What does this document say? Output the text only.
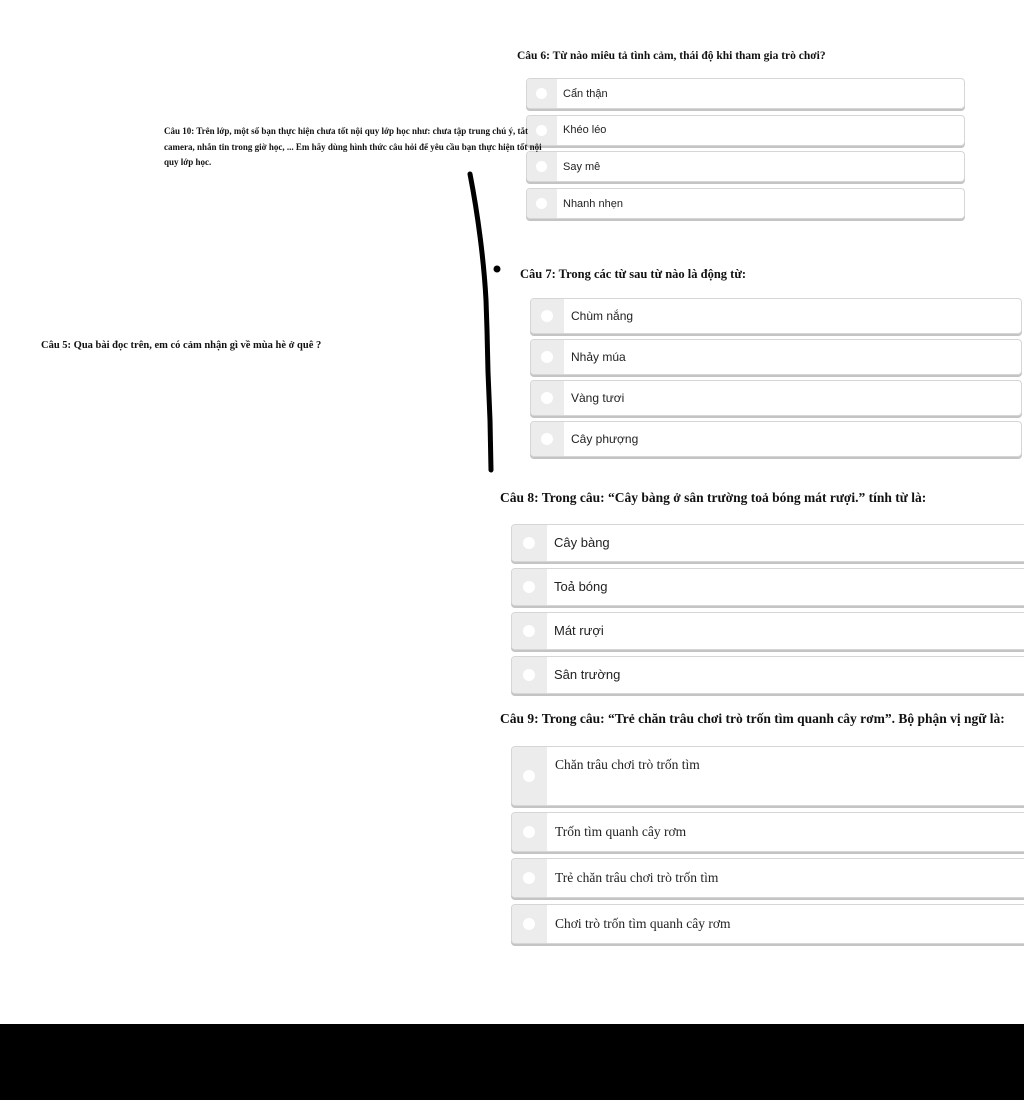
Câu 6: Từ nào miêu tả tình cảm, thái độ khi tham gia trò chơi?
Cẩn thận
Khéo léo
Say mê
Nhanh nhẹn
Câu 10: Trên lớp, một số bạn thực hiện chưa tốt nội quy lớp học như: chưa tập trung chú ý, tắt camera, nhắn tin trong giờ học, ... Em hãy dùng hình thức câu hỏi để yêu cầu bạn thực hiện tốt nội quy lớp học.
Câu 5: Qua bài đọc trên, em có cảm nhận gì về mùa hè ở quê ?
Câu 7: Trong các từ sau từ nào là động từ:
Chùm nắng
Nhảy múa
Vàng tươi
Cây phượng
Câu 8: Trong câu: “Cây bàng ở sân trường toả bóng mát rượi.” tính từ là:
Cây bàng
Toả bóng
Mát rượi
Sân trường
Câu 9: Trong câu: “Trẻ chăn trâu chơi trò trốn tìm quanh cây rơm”. Bộ phận vị ngữ là:
Chăn trâu chơi trò trốn tìm
Trốn tìm quanh cây rơm
Trẻ chăn trâu chơi trò trốn tìm
Chơi trò trốn tìm quanh cây rơm
